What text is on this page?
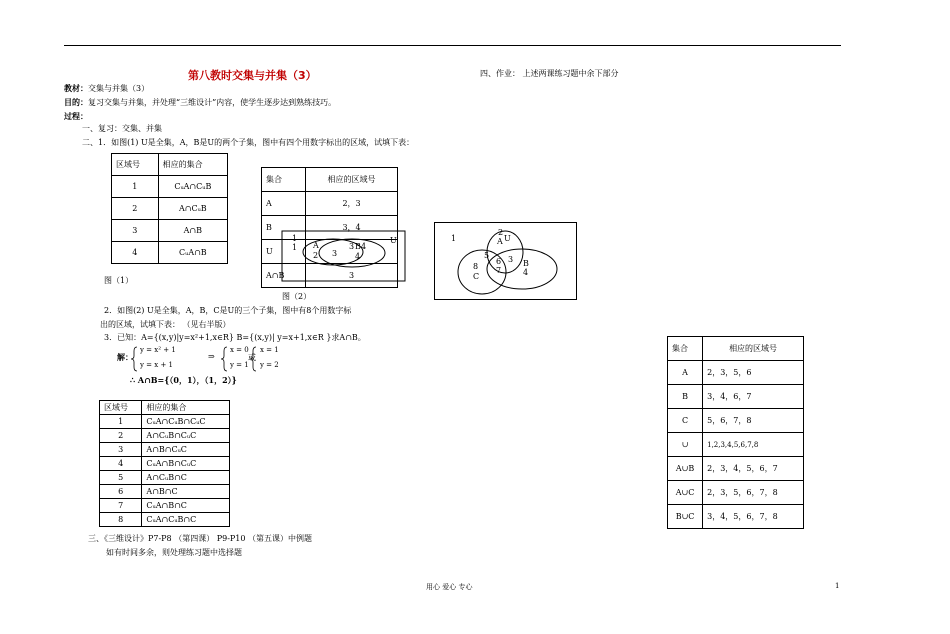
第八教时交集与并集（3）	四、作业： 上述两课练习题中余下部分
教材：交集与并集（3）
目的：复习交集与并集，并处理“三维设计”内容，使学生逐步达到熟练技巧。
过程：
一、复习：交集、并集
二、1．如图(1) U是全集，A，B是U的两个子集，图中有四个用数字标出的区域，试填下表：
区域号	相应的集合
1	CᵤA∩CᵤB
2	A∩CᵤB
3	A∩B
4	CᵤA∩B
集合	相应的区域号
A	2，3
B	3，4
U	
A∩B	3
U
1
1 A
2 3
3 B 4
4
图（1）
图（2）
1
2
A U
5
6 3
8 7
B
4
C
2．如图(2) U是全集，A，B，C是U的三个子集，图中有8个用数字标
出的区域，试填下表： （见右半版）
3．已知：A={(x,y)|y=x²+1,x∈R} B={(x,y)| y=x+1,x∈R }求A∩B。
解：
y = x² + 1
y = x + 1
⇒
x = 0
y = 1
或
x = 1
y = 2
∴ A∩B={（0，1），（1，2）}
区域号	相应的集合
1	CᵤA∩CᵤB∩CᵤC
2	A∩CᵤB∩CᵤC
3	A∩B∩CᵤC
4	CᵤA∩B∩CᵤC
5	A∩CᵤB∩C
6	A∩B∩C
7	CᵤA∩B∩C
8	CᵤA∩CᵤB∩C
三、《三维设计》P7-P8 （第四课） P9-P10 （第五课）中例题
如有时间多余，则处理练习题中选择题
集合	相应的区域号
A	2，3，5，6
B	3，4，6，7
C	5，6，7，8
∪	1,2,3,4,5,6,7,8
A∪B	2，3，4，5，6，7
A∪C	2，3，5，6，7，8
B∪C	3，4，5，6，7，8
用心 爱心 专心	1
